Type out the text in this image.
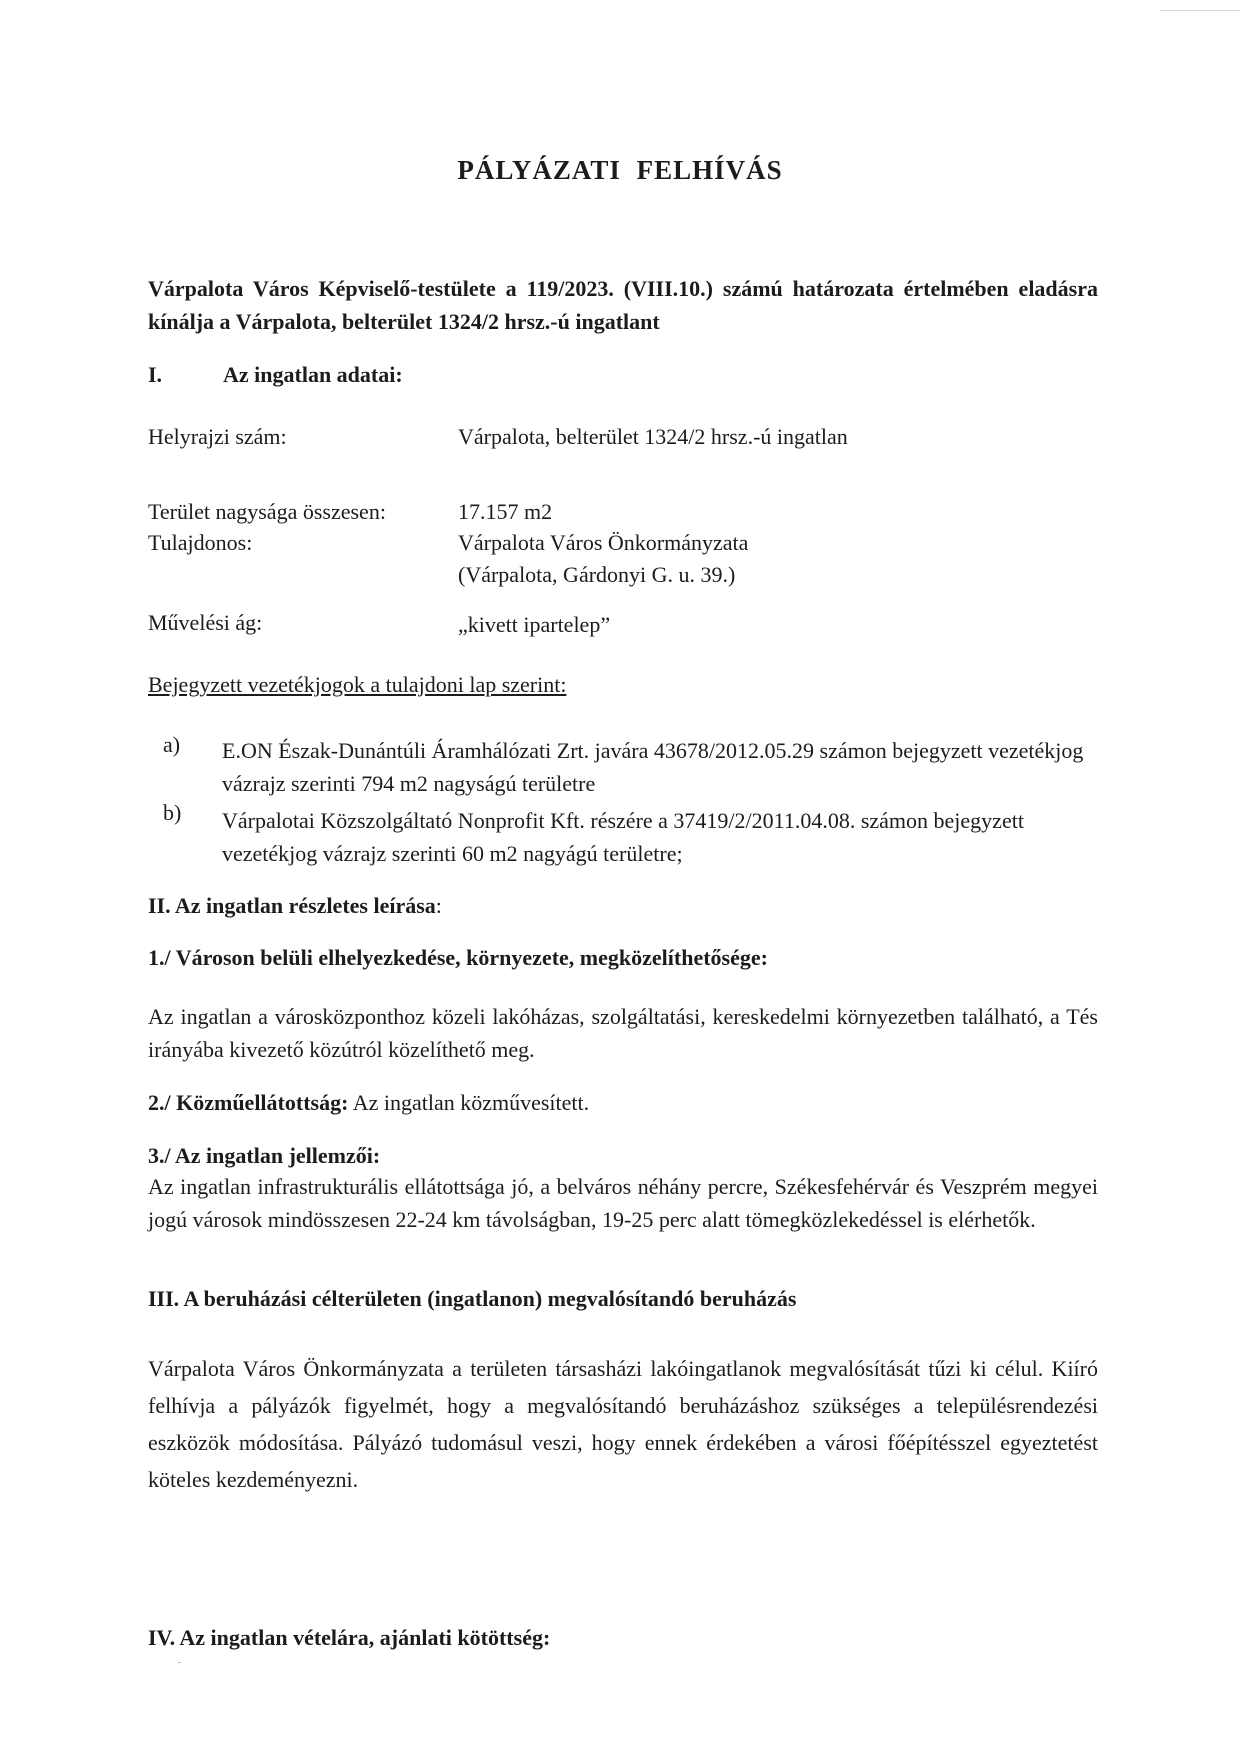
PÁLYÁZATI FELHÍVÁS
Várpalota Város Képviselő-testülete a 119/2023. (VIII.10.) számú határozata értelmében eladásra kínálja a Várpalota, belterület 1324/2 hrsz.-ú ingatlant
I.	Az ingatlan adatai:
Helyrajzi szám:	Várpalota, belterület 1324/2 hrsz.-ú ingatlan
Terület nagysága összesen:	17.157 m2
Tulajdonos:	Várpalota Város Önkormányzata
(Várpalota, Gárdonyi G. u. 39.)
Művelési ág:	„kivett ipartelep”
Bejegyzett vezetékjogok a tulajdoni lap szerint:
a) E.ON Észak-Dunántúli Áramhálózati Zrt. javára 43678/2012.05.29 számon bejegyzett vezetékjog vázrajz szerinti 794 m2 nagyságú területre
b) Várpalotai Közszolgáltató Nonprofit Kft. részére a 37419/2/2011.04.08. számon bejegyzett vezetékjog vázrajz szerinti 60 m2 nagyágú területre;
II. Az ingatlan részletes leírása:
1./ Városon belüli elhelyezkedése, környezete, megközelíthetősége:
Az ingatlan a városközponthoz közeli lakóházas, szolgáltatási, kereskedelmi környezetben található, a Tés irányába kivezető közútról közelíthető meg.
2./ Közműellátottság: Az ingatlan közművesített.
3./ Az ingatlan jellemzői:
Az ingatlan infrastrukturális ellátottsága jó, a belváros néhány percre, Székesfehérvár és Veszprém megyei jogú városok mindösszesen 22-24 km távolságban, 19-25 perc alatt tömegközlekedéssel is elérhetők.
III. A beruházási célterületen (ingatlanon) megvalósítandó beruházás
Várpalota Város Önkormányzata a területen társasházi lakóingatlanok megvalósítását tűzi ki célul. Kiíró felhívja a pályázók figyelmét, hogy a megvalósítandó beruházáshoz szükséges a településrendezési eszközök módosítása. Pályázó tudomásul veszi, hogy ennek érdekében a városi főépítésszel egyeztetést köteles kezdeményezni.
IV. Az ingatlan vételára, ajánlati kötöttség:
